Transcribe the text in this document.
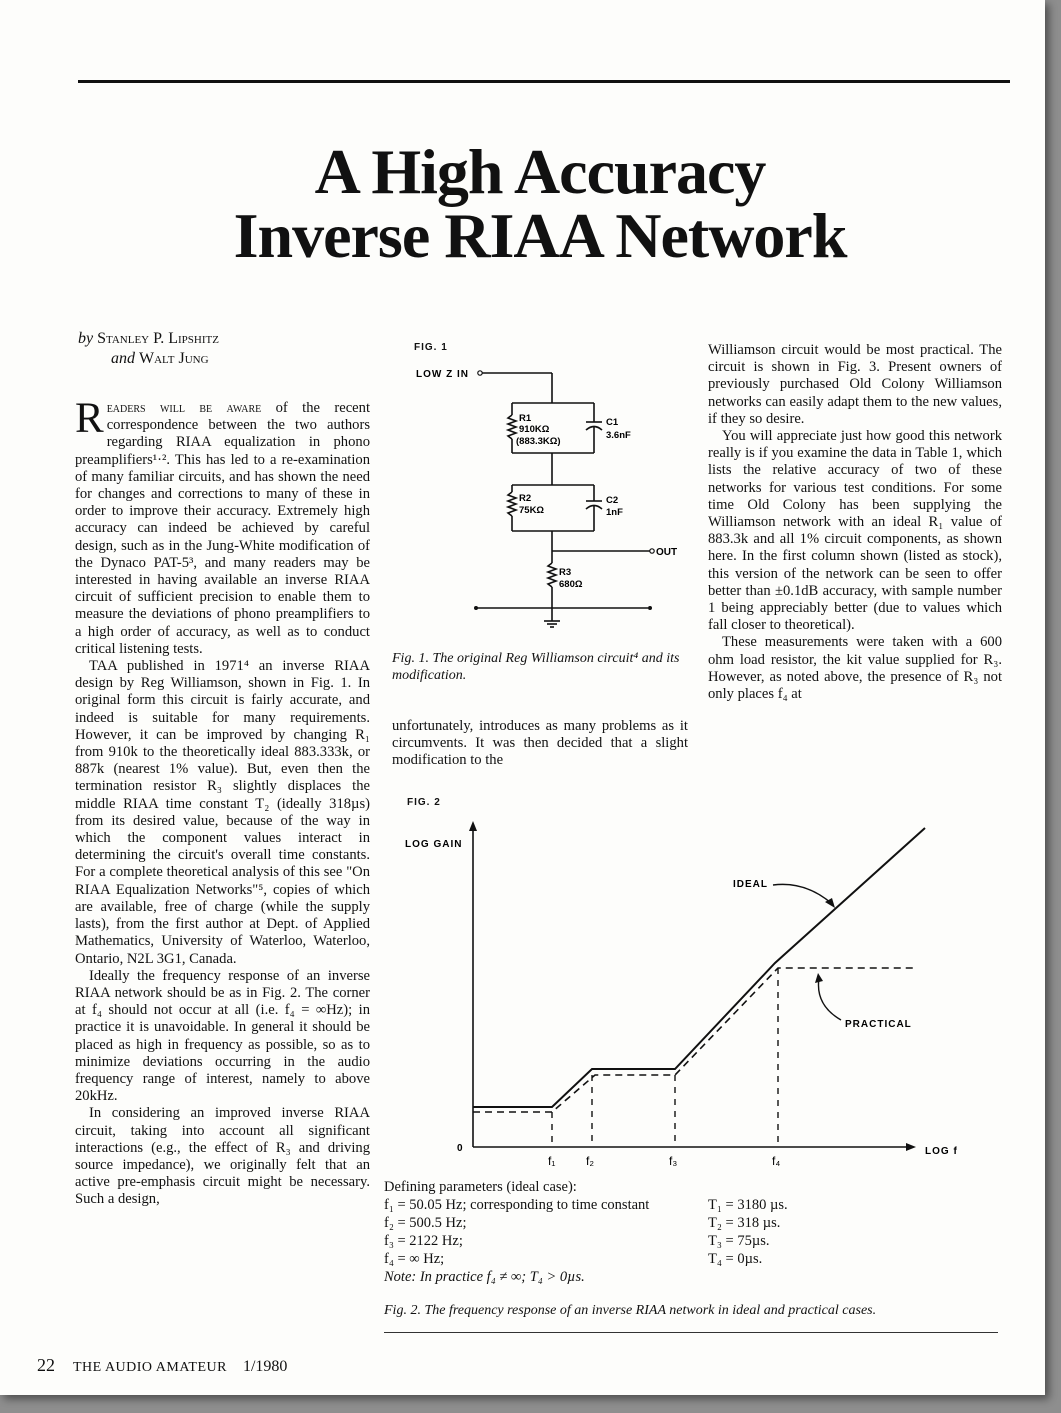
A High Accuracy
Inverse RIAA Network
by Stanley P. Lipshitz
and Walt Jung

Readers will be aware of the recent correspondence between the two authors regarding RIAA equalization in phono preamplifiers¹·². This has led to a re-examination of many familiar circuits, and has shown the need for changes and corrections to many of these in order to improve their accuracy. Extremely high accuracy can indeed be achieved by careful design, such as in the Jung-White modification of the Dynaco PAT-5³, and many readers may be interested in having available an inverse RIAA circuit of sufficient precision to enable them to measure the deviations of phono preamplifiers to a high order of accuracy, as well as to conduct critical listening tests.

TAA published in 1971⁴ an inverse RIAA design by Reg Williamson, shown in Fig. 1. In original form this circuit is fairly accurate, and indeed is suitable for many requirements. However, it can be improved by changing R₁ from 910k to the theoretically ideal 883.333k, or 887k (nearest 1% value). But, even then the termination resistor R₃ slightly displaces the middle RIAA time constant T₂ (ideally 318µs) from its desired value, because of the way in which the component values interact in determining the circuit's overall time constants. For a complete theoretical analysis of this see "On RIAA Equalization Networks"⁵, copies of which are available, free of charge (while the supply lasts), from the first author at Dept. of Applied Mathematics, University of Waterloo, Waterloo, Ontario, N2L 3G1, Canada.

Ideally the frequency response of an inverse RIAA network should be as in Fig. 2. The corner at f₄ should not occur at all (i.e. f₄ = ∞Hz); in practice it is unavoidable. In general it should be placed as high in frequency as possible, so as to minimize deviations occurring in the audio frequency range of interest, namely to above 20kHz.

In considering an improved inverse RIAA circuit, taking into account all significant interactions (e.g., the effect of R₃ and driving source impedance), we originally felt that an active pre-emphasis circuit might be necessary. Such a design,

FIG. 1
LOW Z IN
OUT
R1
910KΩ
(883.3KΩ)
C1
3.6nF
R2
75KΩ
C2
1nF
R3
680Ω
Fig. 1. The original Reg Williamson circuit⁴ and its modification.

unfortunately, introduces as many problems as it circumvents. It was then decided that a slight modification to the

Williamson circuit would be most practical. The circuit is shown in Fig. 3. Present owners of previously purchased Old Colony Williamson networks can easily adapt them to the new values, if they so desire.

You will appreciate just how good this network really is if you examine the data in Table 1, which lists the relative accuracy of two of these networks for various test conditions. For some time Old Colony has been supplying the Williamson network with an ideal R₁ value of 883.3k and all 1% circuit components, as shown here. In the first column shown (listed as stock), this version of the network can be seen to offer better than ±0.1dB accuracy, with sample number 1 being appreciably better (due to values which fall closer to theoretical).

These measurements were taken with a 600 ohm load resistor, the kit value supplied for R₃. However, as noted above, the presence of R₃ not only places f₄ at

FIG. 2
LOG GAIN
0	LOG f
IDEAL
PRACTICAL
f₁	f₂	f₃	f₄
Defining parameters (ideal case):
f₁ = 50.05 Hz; corresponding to time constant	T₁ = 3180 µs.
f₂ = 500.5 Hz;	T₂ = 318 µs.
f₃ = 2122 Hz;	T₃ = 75µs.
f₄ = ∞ Hz;	T₄ = 0µs.
Note: In practice f₄ ≠ ∞; T₄ > 0µs.
Fig. 2. The frequency response of an inverse RIAA network in ideal and practical cases.
22 THE AUDIO AMATEUR 1/1980
